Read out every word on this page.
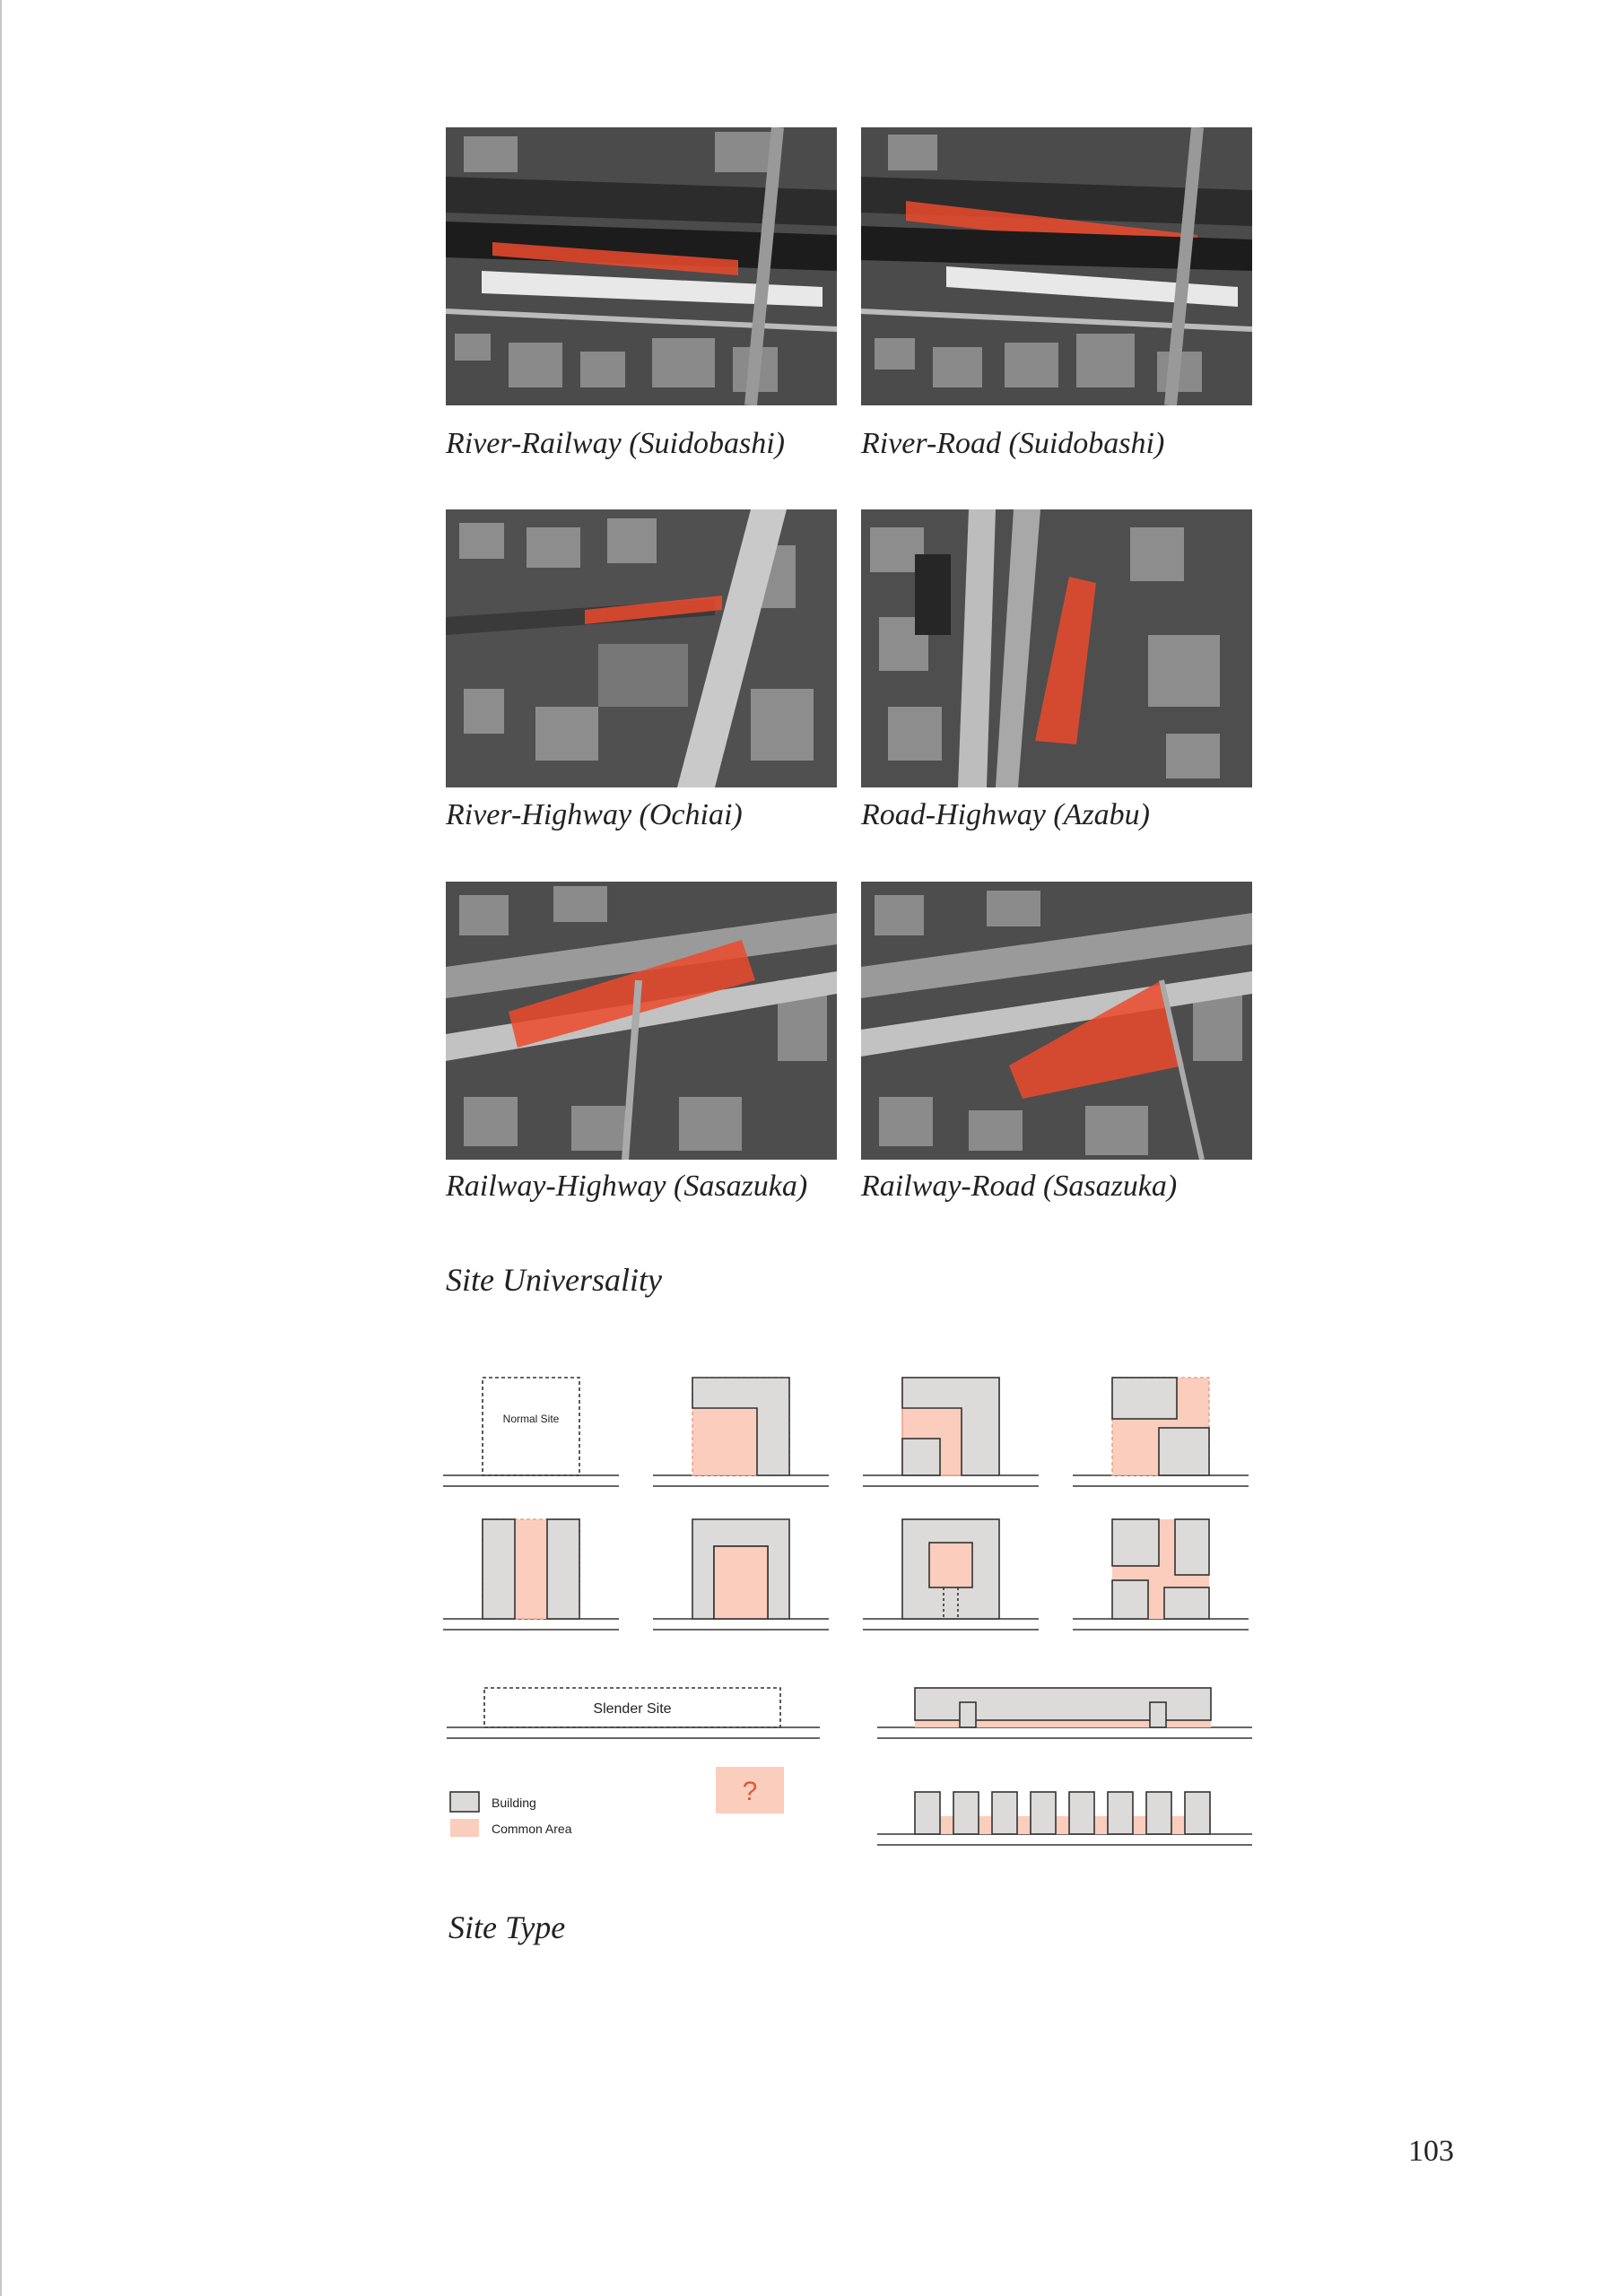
River-Railway (Suidobashi)	River-Road (Suidobashi)
River-Highway (Ochiai)	Road-Highway (Azabu)
Railway-Highway (Sasazuka) Railway-Road (Sasazuka)
Site Universality
Normal Site
Slender Site
Building
Common Area
?
Site Type
103
